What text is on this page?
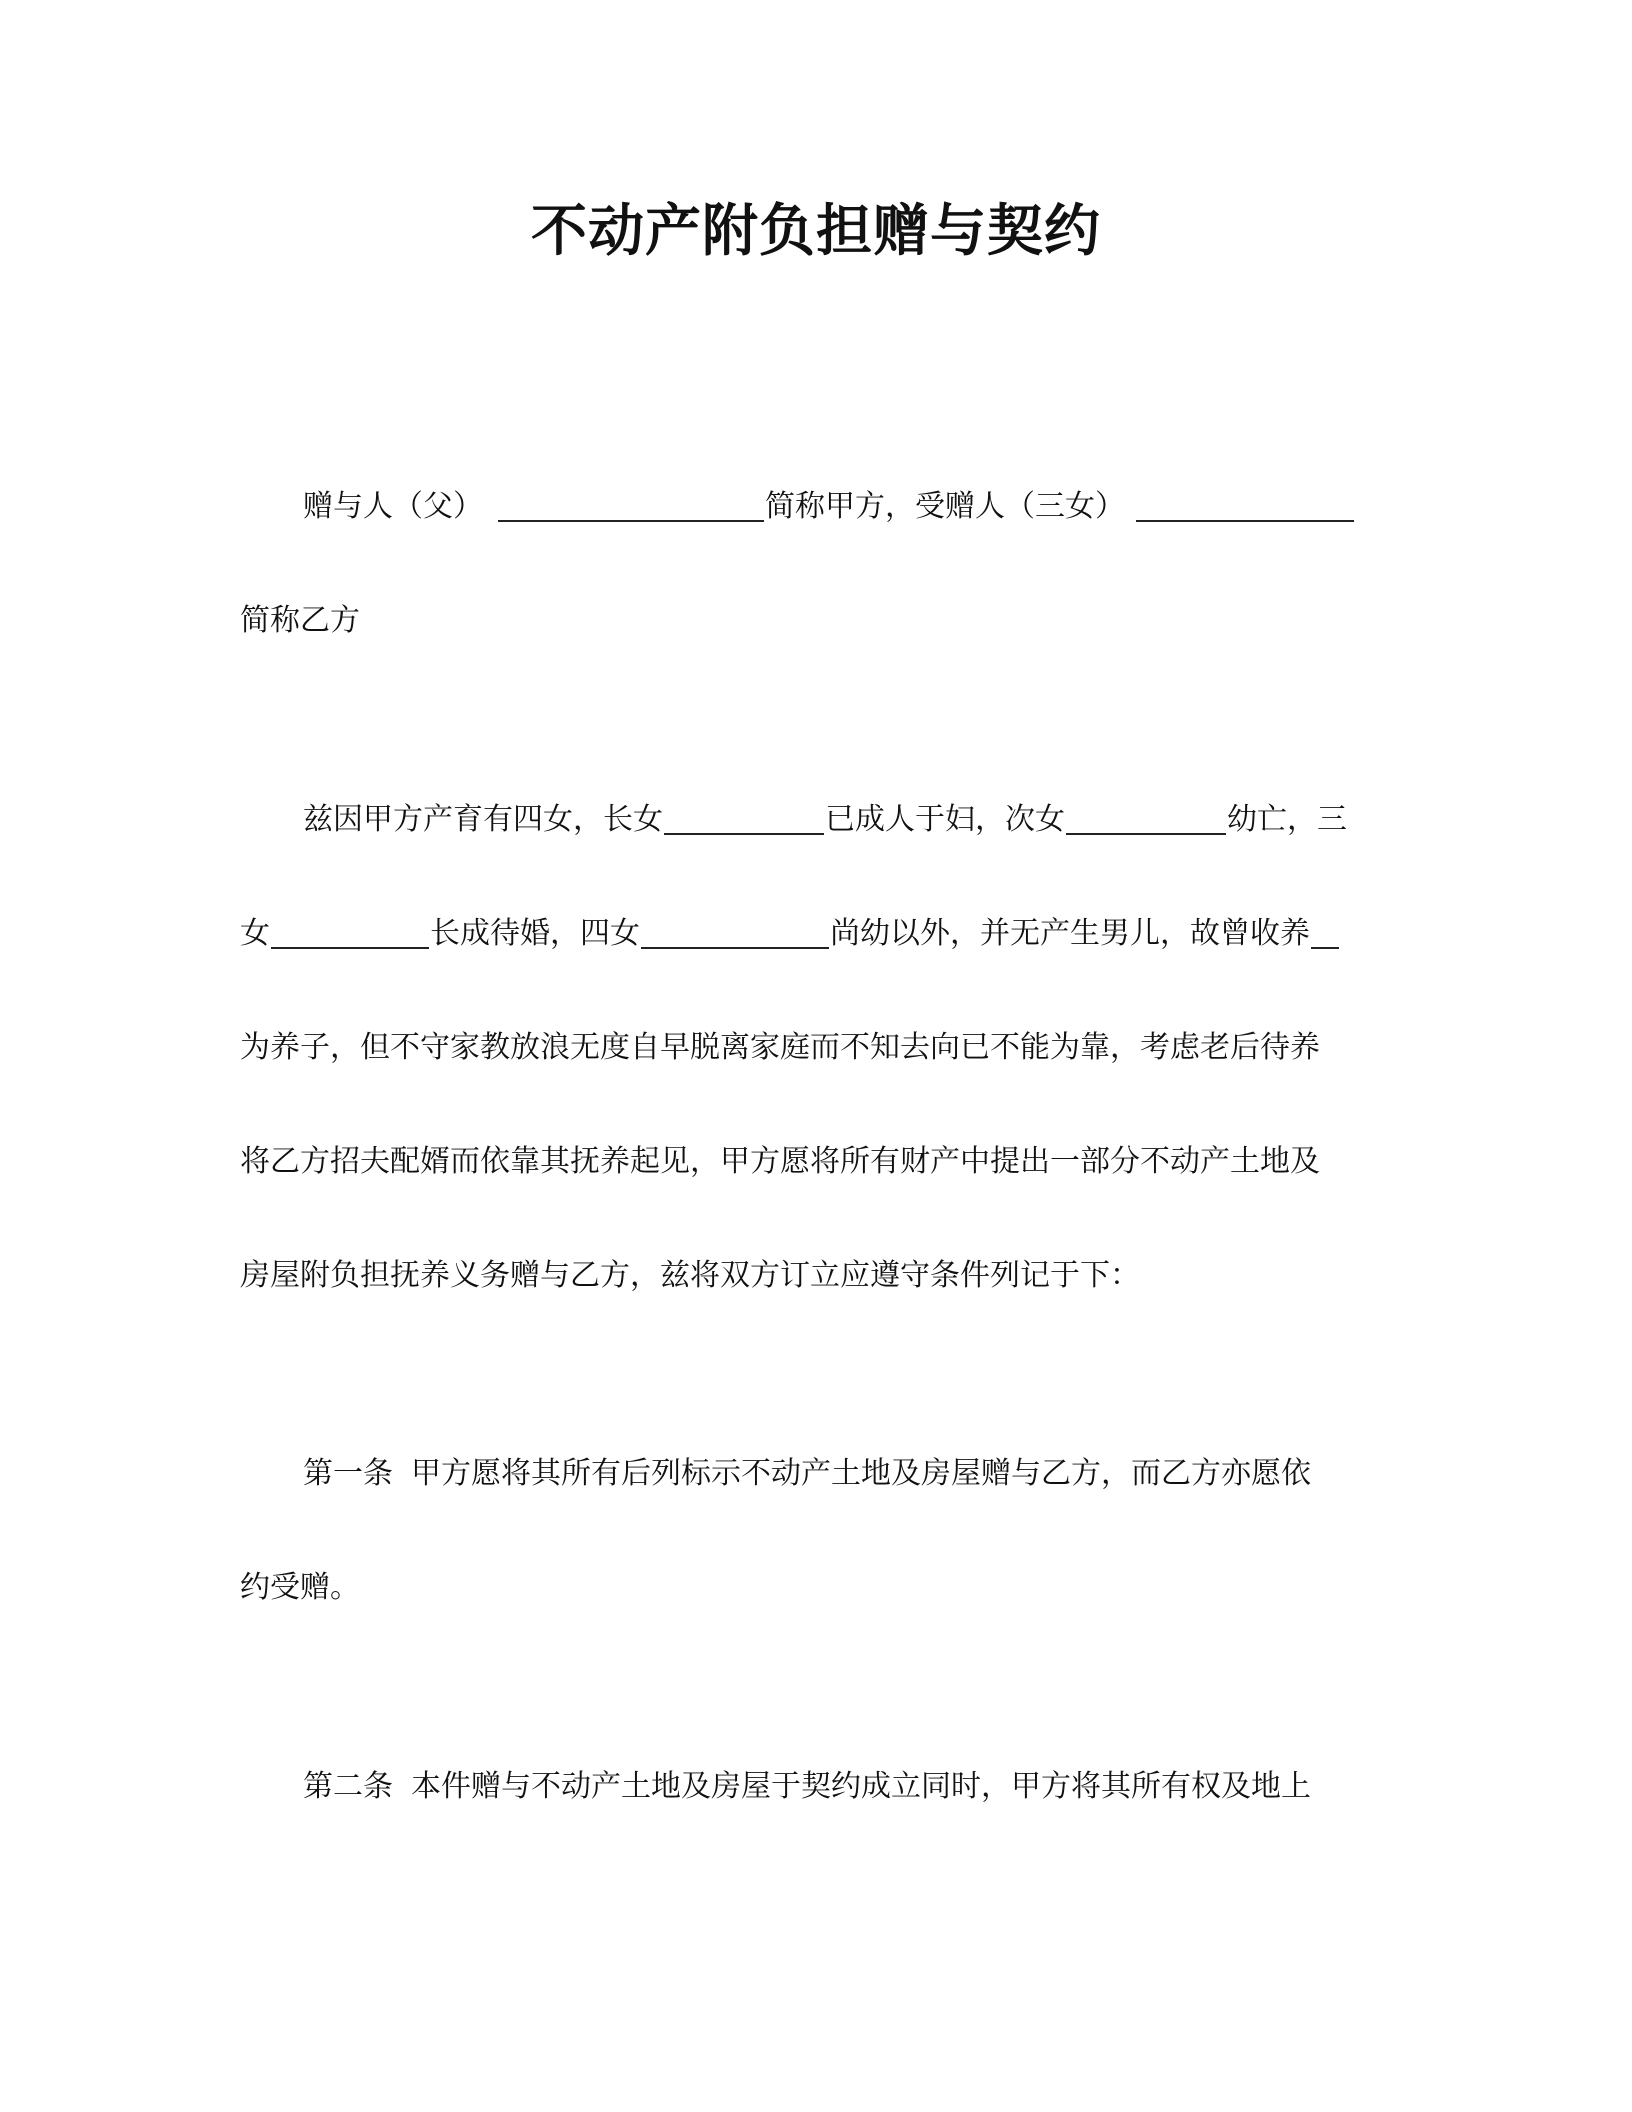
不动产附负担赠与契约
赠与人（父）	简称甲方，受赠人（三女）
简称乙方
兹因甲方产育有四女，长女	已成人于妇，次女	幼亡，三
女	长成待婚，四女	尚幼以外，并无产生男儿，故曾收养
为养子，但不守家教放浪无度自早脱离家庭而不知去向已不能为靠，考虑老后待养
将乙方招夫配婿而依靠其抚养起见，甲方愿将所有财产中提出一部分不动产土地及
房屋附负担抚养义务赠与乙方，兹将双方订立应遵守条件列记于下：
第一条 甲方愿将其所有后列标示不动产土地及房屋赠与乙方，而乙方亦愿依
约受赠。
第二条 本件赠与不动产土地及房屋于契约成立同时，甲方将其所有权及地上
